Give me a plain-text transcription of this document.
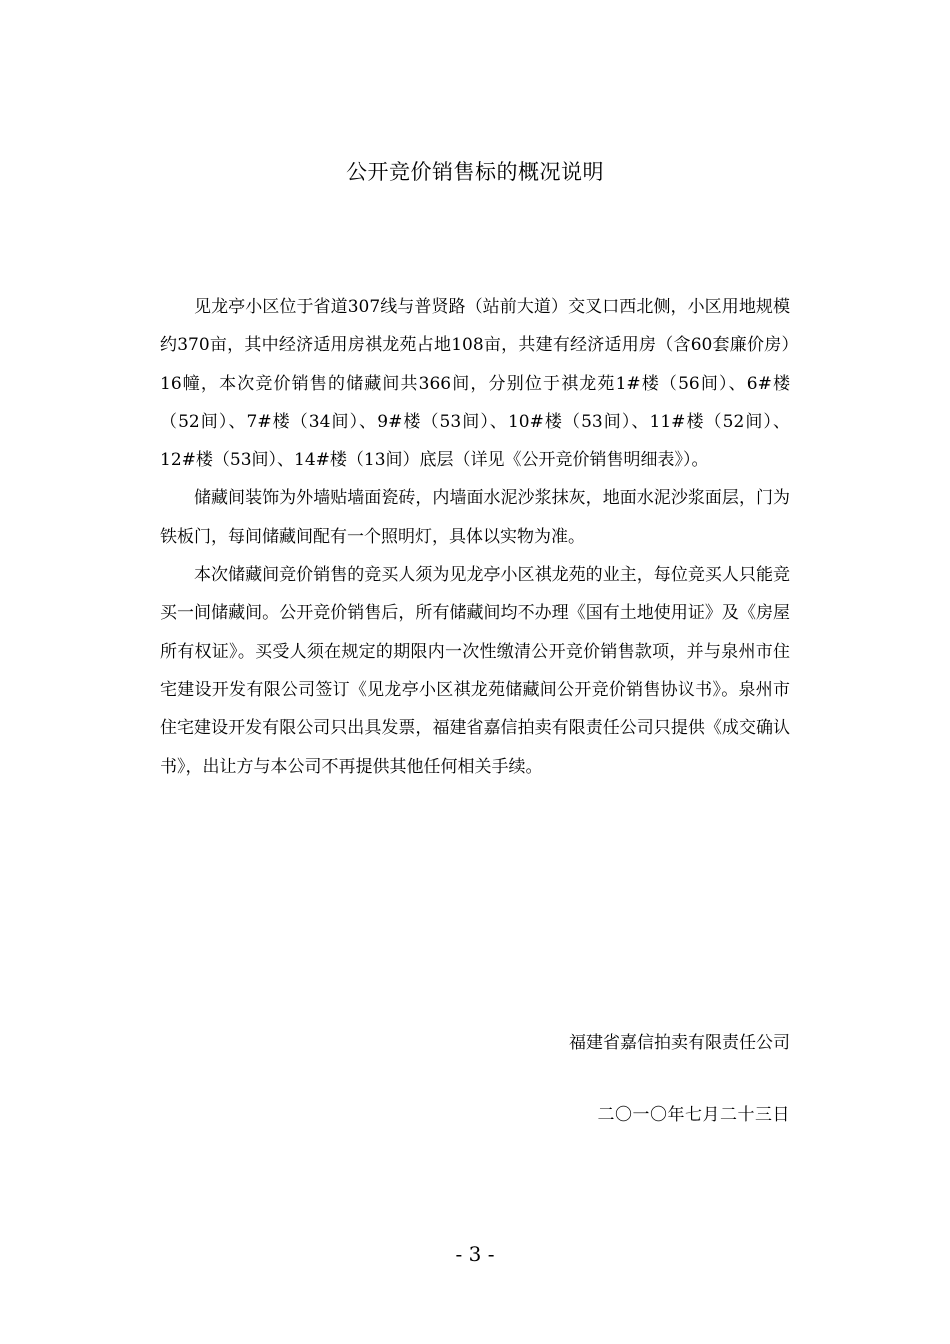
公开竞价销售标的概况说明

见龙亭小区位于省道307线与普贤路（站前大道）交叉口西北侧，小区用地规模约370亩，其中经济适用房祺龙苑占地108亩，共建有经济适用房（含60套廉价房）16幢，本次竞价销售的储藏间共366间，分别位于祺龙苑1#楼（56间）、6#楼（52间）、7#楼（34间）、9#楼（53间）、10#楼（53间）、11#楼（52间）、12#楼（53间）、14#楼（13间）底层（详见《公开竞价销售明细表》）。

储藏间装饰为外墙贴墙面瓷砖，内墙面水泥沙浆抹灰，地面水泥沙浆面层，门为铁板门，每间储藏间配有一个照明灯，具体以实物为准。

本次储藏间竞价销售的竞买人须为见龙亭小区祺龙苑的业主，每位竞买人只能竞买一间储藏间。公开竞价销售后，所有储藏间均不办理《国有土地使用证》及《房屋所有权证》。买受人须在规定的期限内一次性缴清公开竞价销售款项，并与泉州市住宅建设开发有限公司签订《见龙亭小区祺龙苑储藏间公开竞价销售协议书》。泉州市住宅建设开发有限公司只出具发票，福建省嘉信拍卖有限责任公司只提供《成交确认书》，出让方与本公司不再提供其他任何相关手续。

福建省嘉信拍卖有限责任公司
二〇一〇年七月二十三日
- 3 -
